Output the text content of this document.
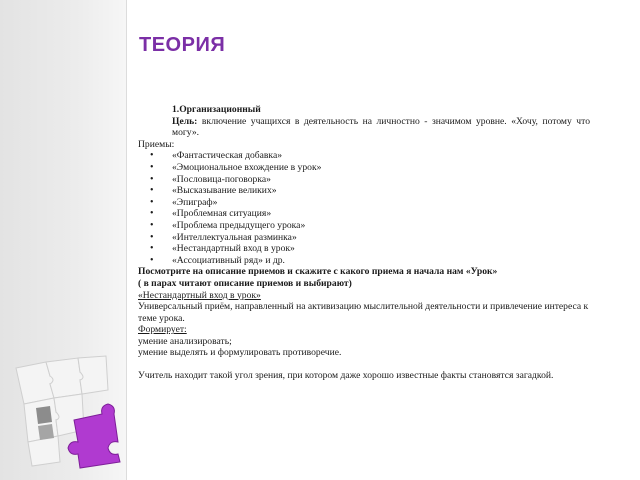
ТЕОРИЯ
1.Организационный
Цель: включение учащихся в деятельность на личностно - значимом уровне. «Хочу, потому что могу».
Приемы:
• «Фантастическая добавка»
• «Эмоциональное вхождение в урок»
• «Пословица-поговорка»
• «Высказывание великих»
• «Эпиграф»
• «Проблемная ситуация»
• «Проблема предыдущего урока»
• «Интеллектуальная разминка»
• «Нестандартный вход в урок»
• «Ассоциативный ряд» и др.
Посмотрите на описание приемов и скажите с какого приема я начала нам «Урок»
( в парах читают описание приемов и выбирают)
«Нестандартный вход в урок»
Универсальный приём, направленный на активизацию мыслительной деятельности и привлечение интереса к теме урока.
Формирует:
умение анализировать;
умение выделять и формулировать противоречие.
Учитель находит такой угол зрения, при котором даже хорошо известные факты становятся загадкой.
